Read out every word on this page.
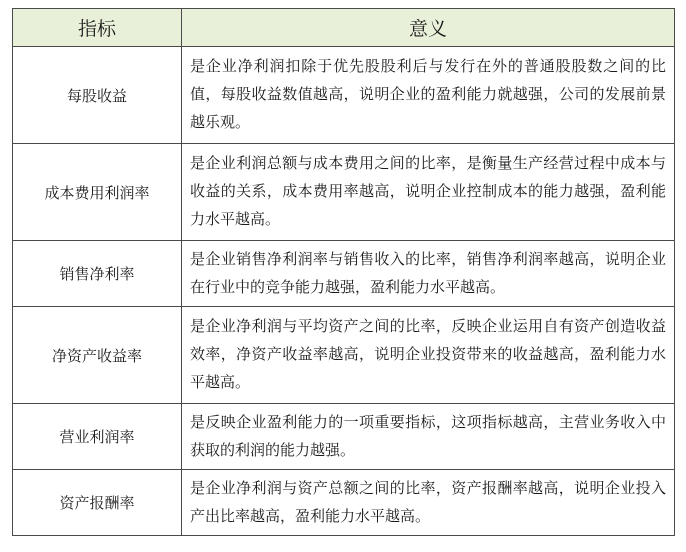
指标	意义
每股收益	是企业净利润扣除于优先股股利后与发行在外的普通股股数之间的比值，每股收益数值越高，说明企业的盈利能力就越强，公司的发展前景越乐观。
成本费用利润率	是企业利润总额与成本费用之间的比率，是衡量生产经营过程中成本与收益的关系，成本费用率越高，说明企业控制成本的能力越强，盈利能力水平越高。
销售净利率	是企业销售净利润率与销售收入的比率，销售净利润率越高，说明企业在行业中的竞争能力越强，盈利能力水平越高。
净资产收益率	是企业净利润与平均资产之间的比率，反映企业运用自有资产创造收益效率，净资产收益率越高，说明企业投资带来的收益越高，盈利能力水平越高。
营业利润率	是反映企业盈利能力的一项重要指标，这项指标越高，主营业务收入中获取的利润的能力越强。
资产报酬率	是企业净利润与资产总额之间的比率，资产报酬率越高，说明企业投入产出比率越高，盈利能力水平越高。
